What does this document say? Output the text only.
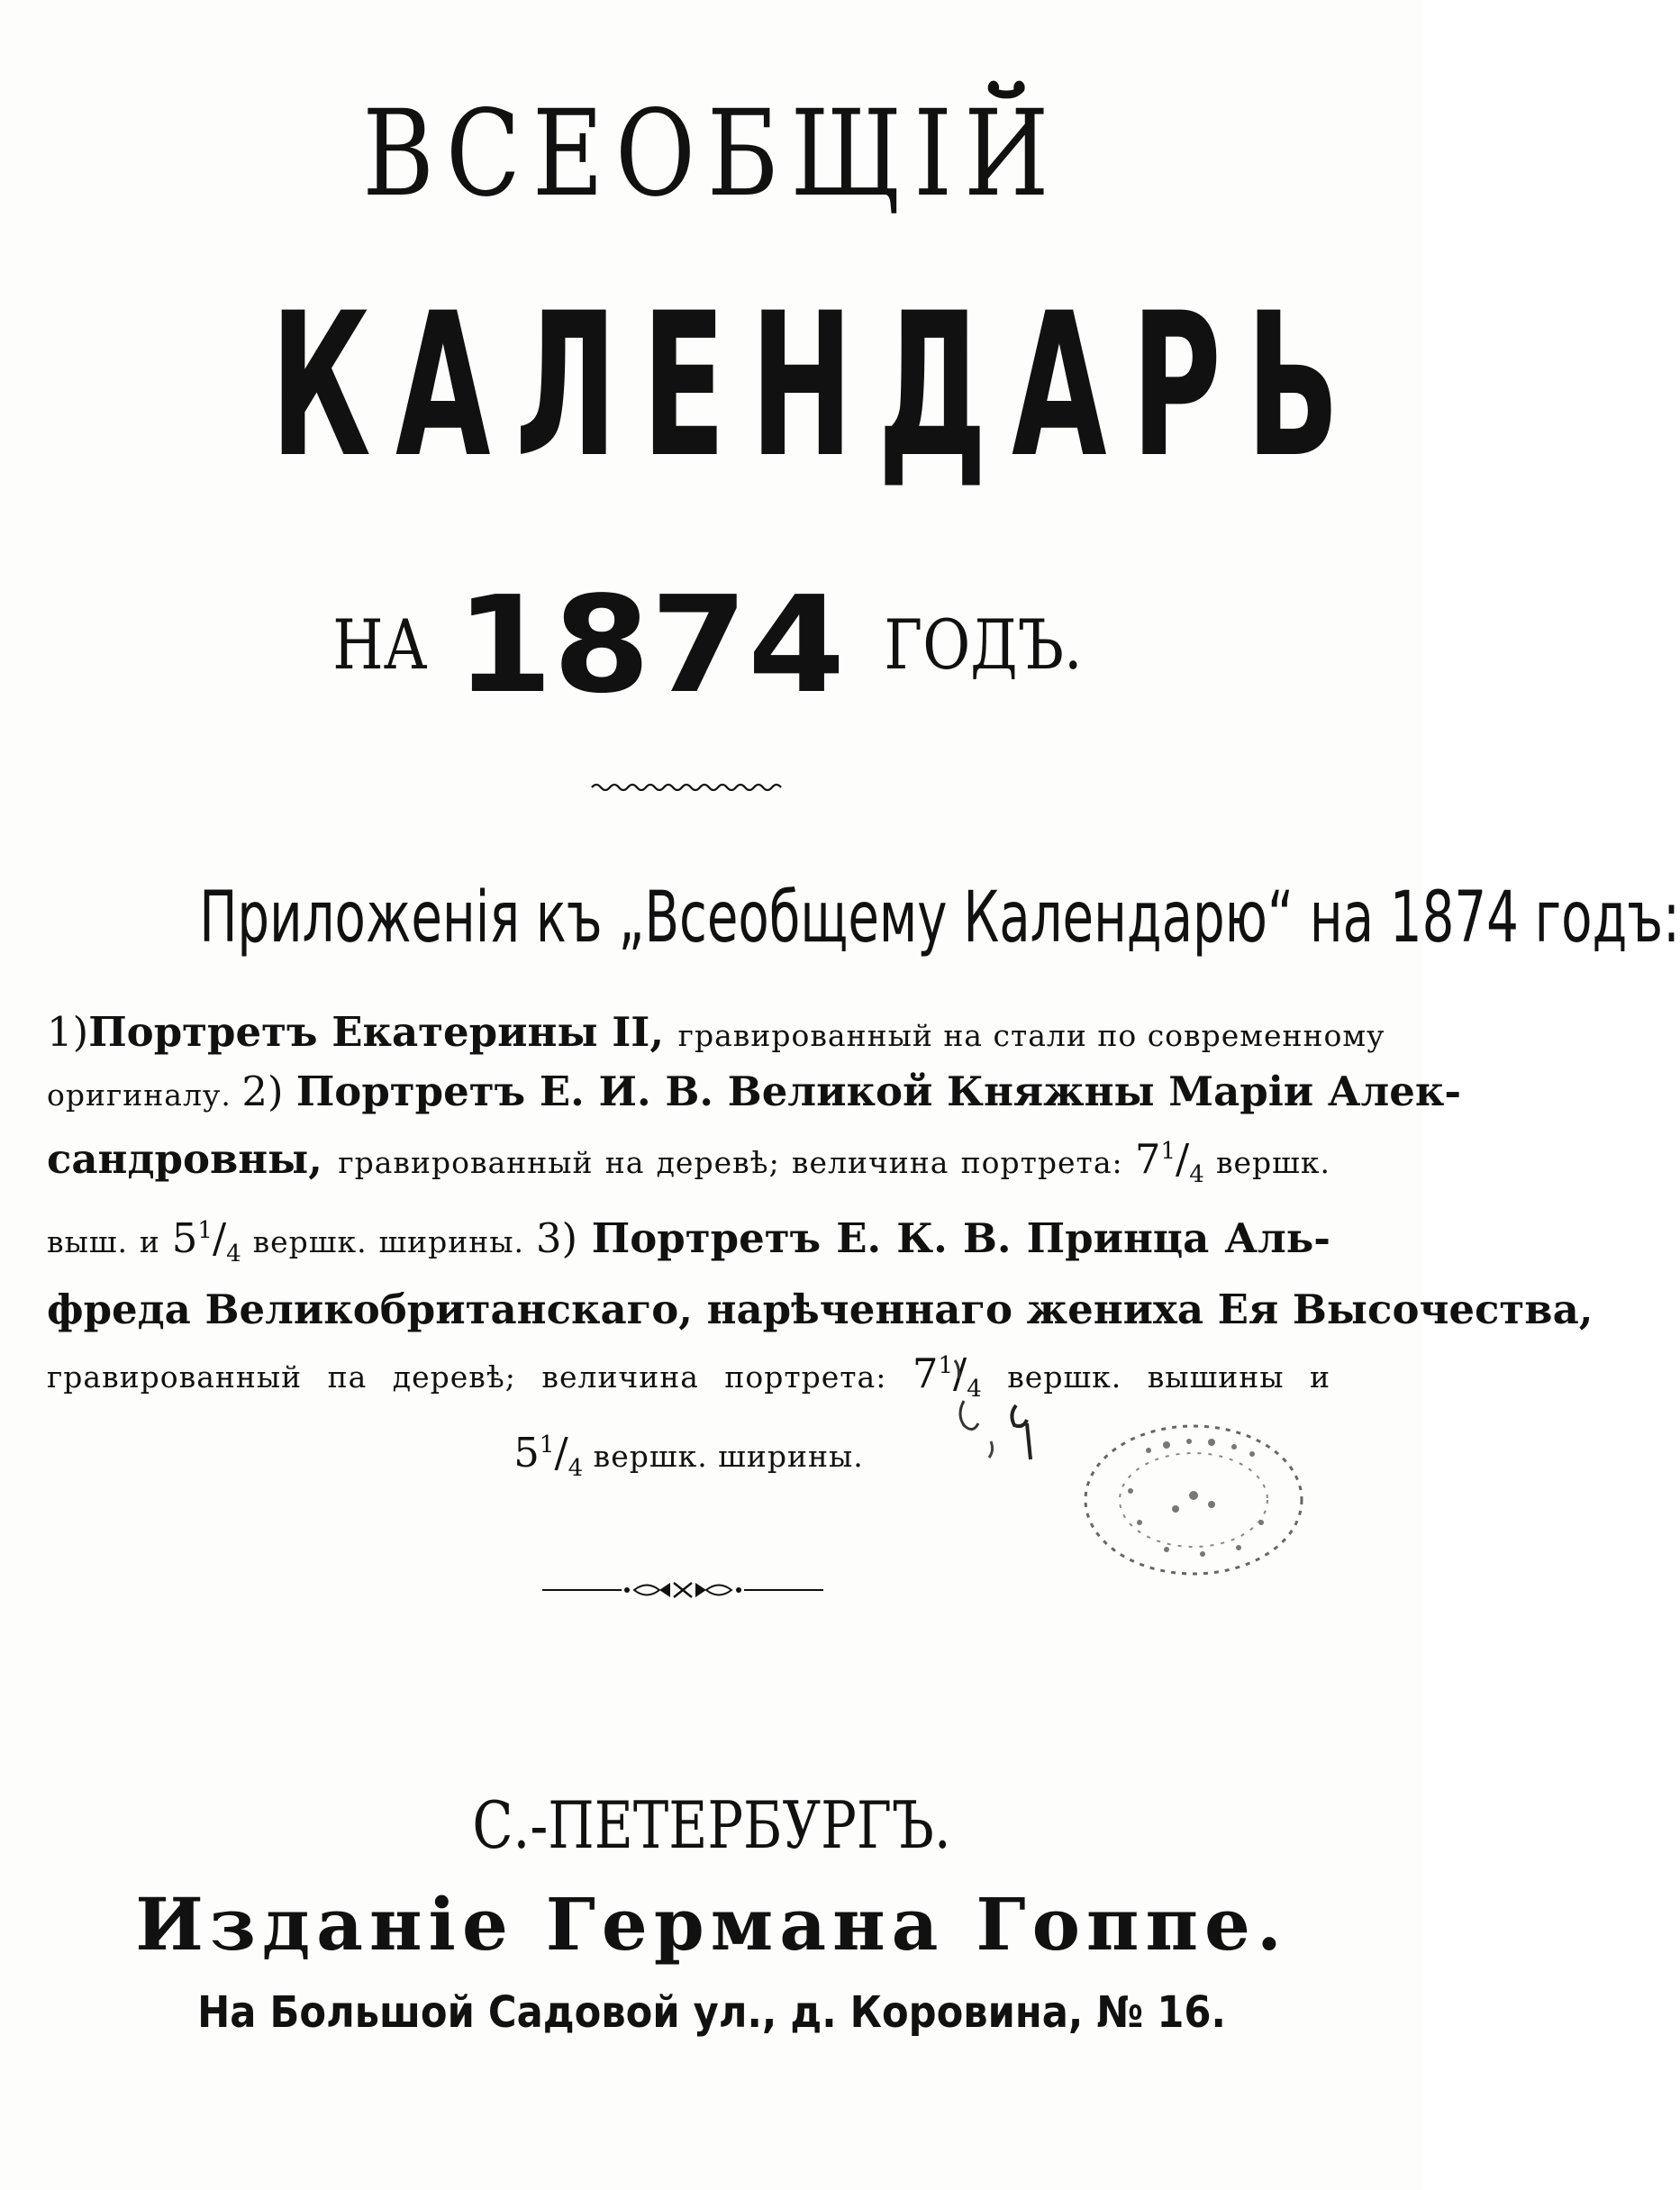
ВСЕОБЩІЙ
КАЛЕНДАРЬ
НА 1874 ГОДЪ.
Приложенія къ „Всеобщему Календарю“ на 1874 годъ:
1)Портретъ Екатерины II, гравированный на стали по современному
оригиналу. 2) Портретъ Е. И. В. Великой Княжны Маріи Алек-
сандровны, гравированный на деревѣ; величина портрета: $7^1/_4$ вершк.
выш. и $5^1/_4$ вершк. ширины. 3) Портретъ Е. К. В. Принца Аль-
фреда Великобританскаго, нарѣченнаго жениха Ея Высочества,
гравированный па деревѣ; величина портрета: $7^1/_4$ вершк. вышины и
$5^1/_4$ вершк. ширины.
С.-ПЕТЕРБУРГЪ.
Изданіе Германа Гоппе.
На Большой Садовой ул., д. Коровина, № 16.
